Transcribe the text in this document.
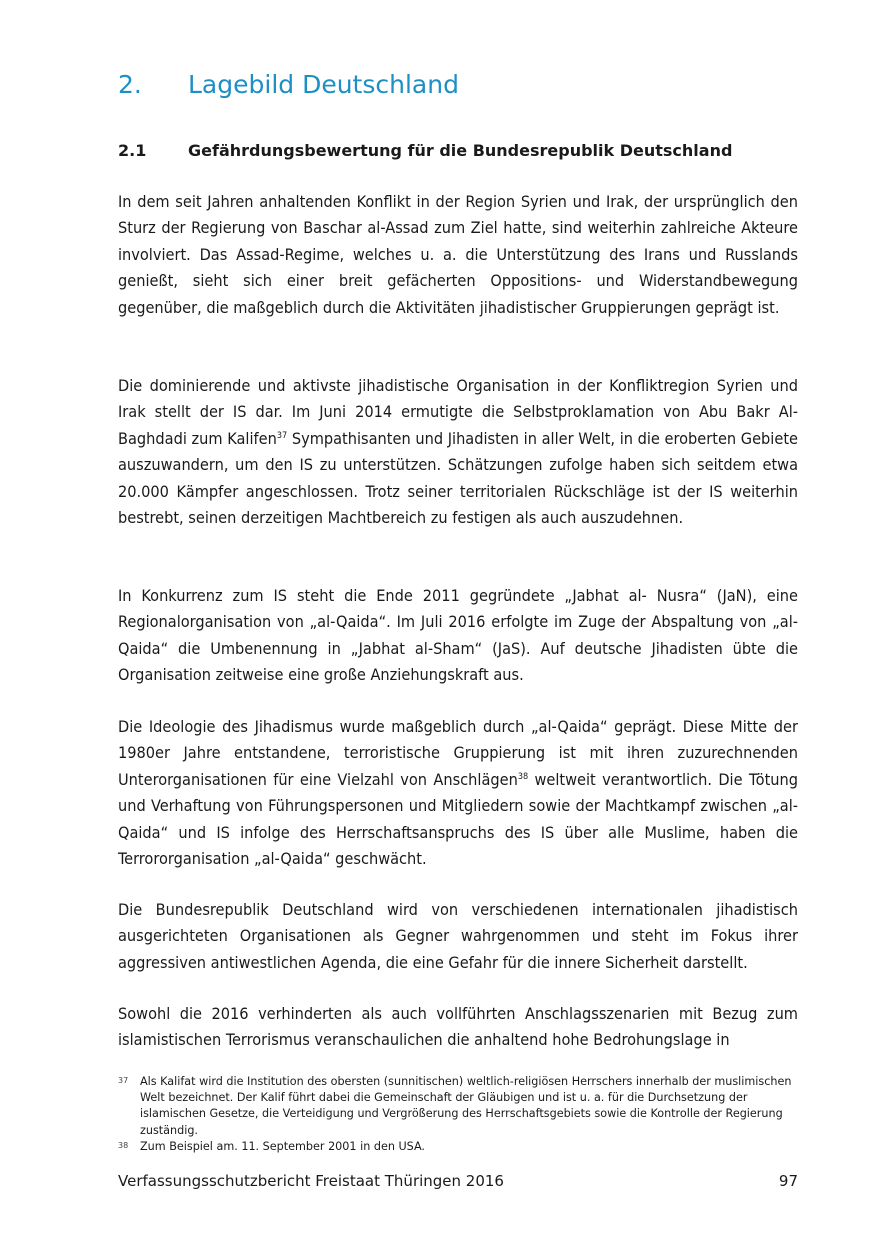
2. Lagebild Deutschland
2.1	Gefährdungsbewertung für die Bundesrepublik Deutschland

In dem seit Jahren anhaltenden Konflikt in der Region Syrien und Irak, der ursprünglich den Sturz der Regierung von Baschar al-Assad zum Ziel hatte, sind weiterhin zahlreiche Akteure involviert. Das Assad-Regime, welches u. a. die Unterstützung des Irans und Russlands genießt, sieht sich einer breit gefächerten Oppositions- und Widerstandbewegung gegenüber, die maßgeblich durch die Aktivitäten jihadistischer Gruppierungen geprägt ist.

Die dominierende und aktivste jihadistische Organisation in der Konfliktregion Syrien und Irak stellt der IS dar. Im Juni 2014 ermutigte die Selbstproklamation von Abu Bakr Al-Baghdadi zum Kalifen$^{37}$ Sympathisanten und Jihadisten in aller Welt, in die eroberten Gebiete auszuwandern, um den IS zu unterstützen. Schätzungen zufolge haben sich seitdem etwa 20.000 Kämpfer angeschlossen. Trotz seiner territorialen Rückschläge ist der IS weiterhin bestrebt, seinen derzeitigen Machtbereich zu festigen als auch auszudehnen.

In Konkurrenz zum IS steht die Ende 2011 gegründete „Jabhat al- Nusra“ (JaN), eine Regionalorganisation von „al-Qaida“. Im Juli 2016 erfolgte im Zuge der Abspaltung von „al-Qaida“ die Umbenennung in „Jabhat al-Sham“ (JaS). Auf deutsche Jihadisten übte die Organisation zeitweise eine große Anziehungskraft aus.

Die Ideologie des Jihadismus wurde maßgeblich durch „al-Qaida“ geprägt. Diese Mitte der 1980er Jahre entstandene, terroristische Gruppierung ist mit ihren zuzurechnenden Unterorganisationen für eine Vielzahl von Anschlägen$^{38}$ weltweit verantwortlich. Die Tötung und Verhaftung von Führungspersonen und Mitgliedern sowie der Machtkampf zwischen „al-Qaida“ und IS infolge des Herrschaftsanspruchs des IS über alle Muslime, haben die Terrororganisation „al-Qaida“ geschwächt.

Die Bundesrepublik Deutschland wird von verschiedenen internationalen jihadistisch ausgerichteten Organisationen als Gegner wahrgenommen und steht im Fokus ihrer aggressiven antiwestlichen Agenda, die eine Gefahr für die innere Sicherheit darstellt.

Sowohl die 2016 verhinderten als auch vollführten Anschlagsszenarien mit Bezug zum islamistischen Terrorismus veranschaulichen die anhaltend hohe Bedrohungslage in

37	Als Kalifat wird die Institution des obersten (sunnitischen) weltlich-religiösen Herrschers innerhalb der muslimischen Welt bezeichnet. Der Kalif führt dabei die Gemeinschaft der Gläubigen und ist u. a. für die Durchsetzung der islamischen Gesetze, die Verteidigung und Vergrößerung des Herrschaftsgebiets sowie die Kontrolle der Regierung zuständig.
38	Zum Beispiel am. 11. September 2001 in den USA.
Verfassungsschutzbericht Freistaat Thüringen 2016	97
